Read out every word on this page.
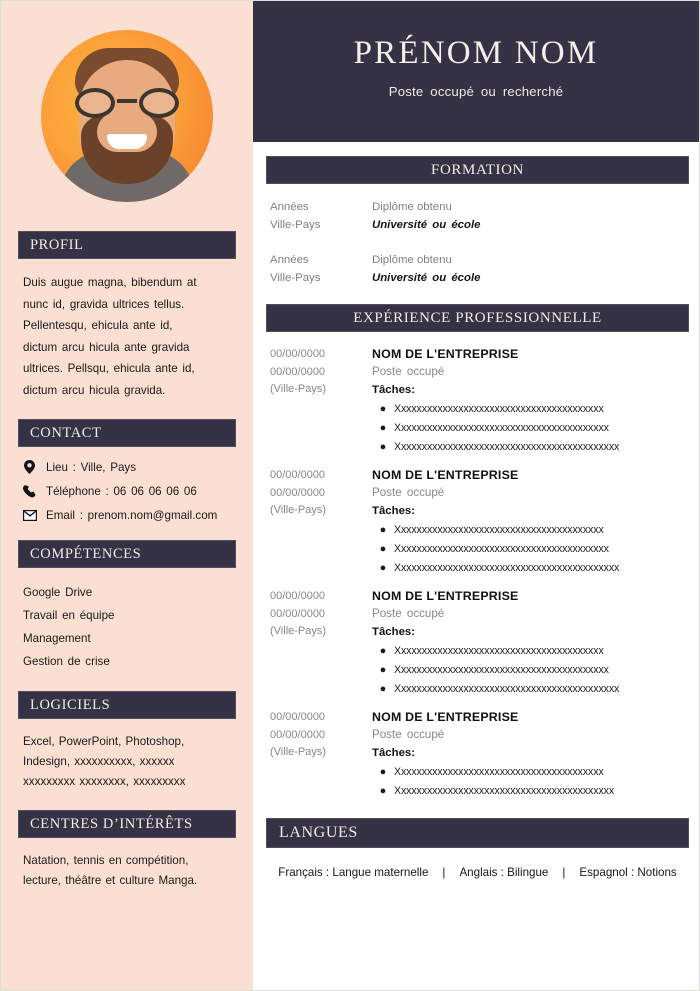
PROFIL
Duis augue magna, bibendum at
nunc id, gravida ultrices tellus.
Pellentesqu, ehicula ante id,
dictum arcu hicula ante gravida
ultrices. Pellsqu, ehicula ante id,
dictum arcu hicula gravida.
CONTACT
Lieu : Ville, Pays
Téléphone : 06 06 06 06 06
Email : prenom.nom@gmail.com
COMPÉTENCES
Google Drive
Travail en équipe
Management
Gestion de crise
LOGICIELS
Excel, PowerPoint, Photoshop,
Indesign, xxxxxxxxxx, xxxxxx
xxxxxxxxx xxxxxxxx, xxxxxxxxx
CENTRES D’INTÉRÊTS
Natation, tennis en compétition,
lecture, théâtre et culture Manga.
PRÉNOM NOM
Poste occupé ou recherché
FORMATION
Années
Ville-Pays
Diplôme obtenu
Université ou école
Années
Ville-Pays
Diplôme obtenu
Université ou école
EXPÉRIENCE PROFESSIONNELLE
00/00/0000
00/00/0000
(Ville-Pays)
NOM DE L'ENTREPRISE
Poste occupé
Tâches:
● Xxxxxxxxxxxxxxxxxxxxxxxxxxxxxxxxxxxxxxxx
● Xxxxxxxxxxxxxxxxxxxxxxxxxxxxxxxxxxxxxxxxx
● Xxxxxxxxxxxxxxxxxxxxxxxxxxxxxxxxxxxxxxxxxxx
00/00/0000
00/00/0000
(Ville-Pays)
NOM DE L'ENTREPRISE
Poste occupé
Tâches:
● Xxxxxxxxxxxxxxxxxxxxxxxxxxxxxxxxxxxxxxxx
● Xxxxxxxxxxxxxxxxxxxxxxxxxxxxxxxxxxxxxxxxx
● Xxxxxxxxxxxxxxxxxxxxxxxxxxxxxxxxxxxxxxxxxxx
00/00/0000
00/00/0000
(Ville-Pays)
NOM DE L'ENTREPRISE
Poste occupé
Tâches:
● Xxxxxxxxxxxxxxxxxxxxxxxxxxxxxxxxxxxxxxxx
● Xxxxxxxxxxxxxxxxxxxxxxxxxxxxxxxxxxxxxxxxx
● Xxxxxxxxxxxxxxxxxxxxxxxxxxxxxxxxxxxxxxxxxxx
00/00/0000
00/00/0000
(Ville-Pays)
NOM DE L'ENTREPRISE
Poste occupé
Tâches:
● Xxxxxxxxxxxxxxxxxxxxxxxxxxxxxxxxxxxxxxxx
● Xxxxxxxxxxxxxxxxxxxxxxxxxxxxxxxxxxxxxxxxxx
LANGUES
Français : Langue maternelle | Anglais : Bilingue | Espagnol : Notions
